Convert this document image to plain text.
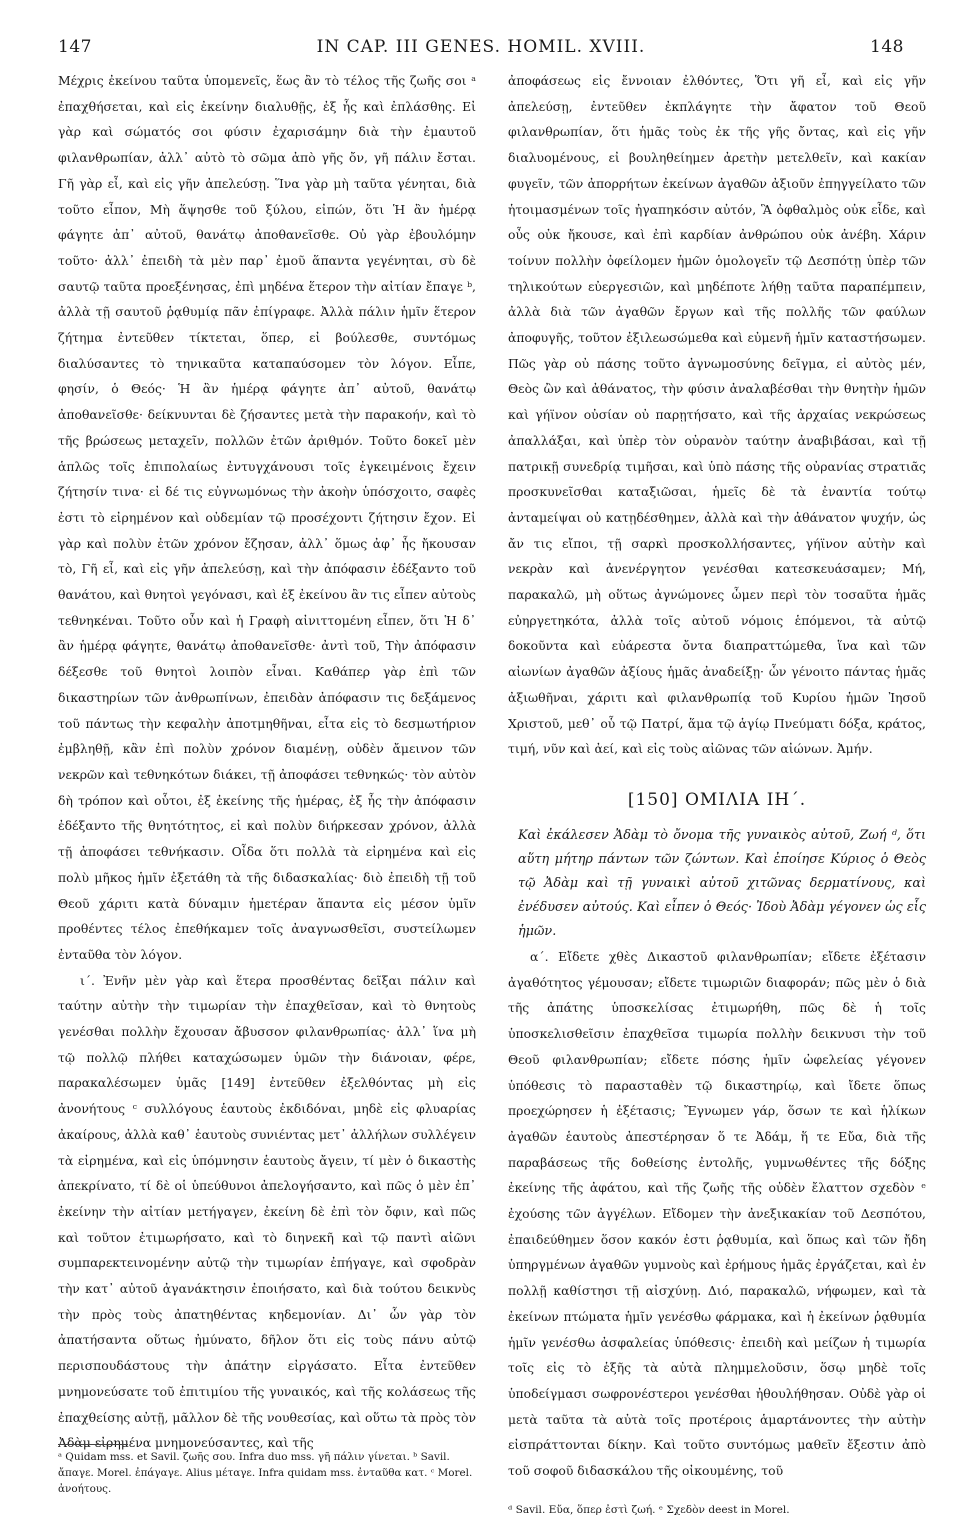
147	IN CAP. III GENES. HOMIL. XVIII.	148

Μέχρις ἐκείνου ταῦτα ὑπομενεῖς, ἕως ἂν τὸ τέλος τῆς ζωῆς σοι ᵃ ἐπαχθήσεται, καὶ εἰς ἐκείνην διαλυθῇς, ἐξ ἧς καὶ ἐπλάσθης. Εἰ γὰρ καὶ σώματός σοι φύσιν ἐχαρισάμην διὰ τὴν ἐμαυτοῦ φιλανθρωπίαν, ἀλλ᾽ αὐτὸ τὸ σῶμα ἀπὸ γῆς ὄν, γῆ πάλιν ἔσται. Γῆ γὰρ εἶ, καὶ εἰς γῆν ἀπελεύσῃ. Ἵνα γὰρ μὴ ταῦτα γένηται, διὰ τοῦτο εἶπον, Μὴ ἅψησθε τοῦ ξύλου, εἰπών, ὅτι Ἡ ἂν ἡμέρᾳ φάγητε ἀπ᾽ αὐτοῦ, θανάτῳ ἀποθανεῖσθε. Οὐ γὰρ ἐβουλόμην τοῦτο· ἀλλ᾽ ἐπειδὴ τὰ μὲν παρ᾽ ἐμοῦ ἅπαντα γεγένηται, σὺ δὲ σαυτῷ ταῦτα προεξένησας, ἐπὶ μηδένα ἕτερον τὴν αἰτίαν ἔπαγε ᵇ, ἀλλὰ τῇ σαυτοῦ ῥᾳθυμίᾳ πᾶν ἐπίγραφε. Ἀλλὰ πάλιν ἡμῖν ἕτερον ζήτημα ἐντεῦθεν τίκτεται, ὅπερ, εἰ βούλεσθε, συντόμως διαλύσαντες τὸ τηνικαῦτα καταπαύσομεν τὸν λόγον. Εἶπε, φησίν, ὁ Θεός· Ἡ ἂν ἡμέρᾳ φάγητε ἀπ᾽ αὐτοῦ, θανάτῳ ἀποθανεῖσθε· δείκνυνται δὲ ζήσαντες μετὰ τὴν παρακοήν, καὶ τὸ τῆς βρώσεως μεταχεῖν, πολλῶν ἐτῶν ἀριθμόν. Τοῦτο δοκεῖ μὲν ἁπλῶς τοῖς ἐπιπολαίως ἐντυγχάνουσι τοῖς ἐγκειμένοις ἔχειν ζήτησίν τινα· εἰ δέ τις εὐγνωμόνως τὴν ἀκοὴν ὑπόσχοιτο, σαφὲς ἐστι τὸ εἰρημένον καὶ οὐδεμίαν τῷ προσέχοντι ζήτησιν ἔχον. Εἰ γὰρ καὶ πολὺν ἐτῶν χρόνον ἔζησαν, ἀλλ᾽ ὅμως ἀφ᾽ ἧς ἤκουσαν τὸ, Γῆ εἶ, καὶ εἰς γῆν ἀπελεύσῃ, καὶ τὴν ἀπόφασιν ἐδέξαντο τοῦ θανάτου, καὶ θνητοὶ γεγόνασι, καὶ ἐξ ἐκείνου ἂν τις εἶπεν αὐτοὺς τεθνηκέναι. Τοῦτο οὖν καὶ ἡ Γραφὴ αἰνιττομένη εἶπεν, ὅτι Ἡ δ᾽ ἂν ἡμέρᾳ φάγητε, θανάτῳ ἀποθανεῖσθε· ἀντὶ τοῦ, Τὴν ἀπόφασιν δέξεσθε τοῦ θνητοὶ λοιπὸν εἶναι. Καθάπερ γὰρ ἐπὶ τῶν δικαστηρίων τῶν ἀνθρωπίνων, ἐπειδὰν ἀπόφασιν τις δεξάμενος τοῦ πάντως τὴν κεφαλὴν ἀποτμηθῆναι, εἶτα εἰς τὸ δεσμωτήριον ἐμβληθῇ, κἂν ἐπὶ πολὺν χρόνον διαμένῃ, οὐδὲν ἄμεινον τῶν νεκρῶν καὶ τεθνηκότων διάκει, τῇ ἀποφάσει τεθνηκώς· τὸν αὐτὸν δὴ τρόπον καὶ οὗτοι, ἐξ ἐκείνης τῆς ἡμέρας, ἐξ ἧς τὴν ἀπόφασιν ἐδέξαντο τῆς θνητότητος, εἰ καὶ πολὺν διήρκεσαν χρόνον, ἀλλὰ τῇ ἀποφάσει τεθνήκασιν. Οἶδα ὅτι πολλὰ τὰ εἰρημένα καὶ εἰς πολὺ μῆκος ἡμῖν ἐξετάθη τὰ τῆς διδασκαλίας· διὸ ἐπειδὴ τῇ τοῦ Θεοῦ χάριτι κατὰ δύναμιν ἡμετέραν ἅπαντα εἰς μέσον ὑμῖν προθέντες τέλος ἐπεθήκαμεν τοῖς ἀναγνωσθεῖσι, συστείλωμεν ἐνταῦθα τὸν λόγον.

ι΄. Ἐνῆν μὲν γὰρ καὶ ἕτερα προσθέντας δεῖξαι πάλιν καὶ ταύτην αὐτὴν τὴν τιμωρίαν τὴν ἐπαχθεῖσαν, καὶ τὸ θνητοὺς γενέσθαι πολλὴν ἔχουσαν ἄβυσσον φιλανθρωπίας· ἀλλ᾽ ἵνα μὴ τῷ πολλῷ πλήθει καταχώσωμεν ὑμῶν τὴν διάνοιαν, φέρε, παρακαλέσωμεν ὑμᾶς [149] ἐντεῦθεν ἐξελθόντας μὴ εἰς ἀνονήτους ᶜ συλλόγους ἑαυτοὺς ἐκδιδόναι, μηδὲ εἰς φλυαρίας ἀκαίρους, ἀλλὰ καθ᾽ ἑαυτοὺς συνιέντας μετ᾽ ἀλλήλων συλλέγειν τὰ εἰρημένα, καὶ εἰς ὑπόμνησιν ἑαυτοὺς ἄγειν, τί μὲν ὁ δικαστὴς ἀπεκρίνατο, τί δὲ οἱ ὑπεύθυνοι ἀπελογήσαντο, καὶ πῶς ὁ μὲν ἐπ᾽ ἐκείνην τὴν αἰτίαν μετήγαγεν, ἐκείνη δὲ ἐπὶ τὸν ὄφιν, καὶ πῶς καὶ τοῦτον ἐτιμωρήσατο, καὶ τὸ διηνεκῆ καὶ τῷ παντὶ αἰῶνι συμπαρεκτεινομένην αὐτῷ τὴν τιμωρίαν ἐπήγαγε, καὶ σφοδρὰν τὴν κατ᾽ αὐτοῦ ἀγανάκτησιν ἐποιήσατο, καὶ διὰ τούτου δεικνὺς τὴν πρὸς τοὺς ἀπατηθέντας κηδεμονίαν. Δι᾽ ὧν γὰρ τὸν ἀπατήσαντα οὕτως ἠμύνατο, δῆλον ὅτι εἰς τοὺς πάνυ αὐτῷ περισπουδάστους τὴν ἀπάτην εἰργάσατο. Εἶτα ἐντεῦθεν μνημονεύσατε τοῦ ἐπιτιμίου τῆς γυναικός, καὶ τῆς κολάσεως τῆς ἐπαχθείσης αὐτῇ, μᾶλλον δὲ τῆς νουθεσίας, καὶ οὕτω τὰ πρὸς τὸν Ἀδὰμ εἰρημένα μνημονεύσαντες, καὶ τῆς

ᵃ Quidam mss. et Savil. ζωῆς σου. Infra duo mss. γῆ πάλιν γίνεται. ᵇ Savil. ἄπαγε. Morel. ἐπάγαγε. Alius μέταγε. Infra quidam mss. ἐνταῦθα κατ. ᶜ Morel. ἀνοήτους.

ἀποφάσεως εἰς ἔννοιαν ἐλθόντες, Ὅτι γῆ εἶ, καὶ εἰς γῆν ἀπελεύσῃ, ἐντεῦθεν ἐκπλάγητε τὴν ἄφατον τοῦ Θεοῦ φιλανθρωπίαν, ὅτι ἡμᾶς τοὺς ἐκ τῆς γῆς ὄντας, καὶ εἰς γῆν διαλυομένους, εἰ βουληθείημεν ἀρετὴν μετελθεῖν, καὶ κακίαν φυγεῖν, τῶν ἀπορρήτων ἐκείνων ἀγαθῶν ἀξιοῦν ἐπηγγείλατο τῶν ἡτοιμασμένων τοῖς ἠγαπηκόσιν αὐτόν, Ἃ ὀφθαλμὸς οὐκ εἶδε, καὶ οὖς οὐκ ἤκουσε, καὶ ἐπὶ καρδίαν ἀνθρώπου οὐκ ἀνέβη. Χάριν τοίνυν πολλὴν ὀφείλομεν ἡμῶν ὁμολογεῖν τῷ Δεσπότῃ ὑπὲρ τῶν τηλικούτων εὐεργεσιῶν, καὶ μηδέποτε λήθῃ ταῦτα παραπέμπειν, ἀλλὰ διὰ τῶν ἀγαθῶν ἔργων καὶ τῆς πολλῆς τῶν φαύλων ἀποφυγῆς, τοῦτον ἐξιλεωσώμεθα καὶ εὐμενῆ ἡμῖν καταστήσωμεν. Πῶς γὰρ οὐ πάσης τοῦτο ἀγνωμοσύνης δεῖγμα, εἰ αὐτὸς μέν, Θεὸς ὢν καὶ ἀθάνατος, τὴν φύσιν ἀναλαβέσθαι τὴν θνητὴν ἡμῶν καὶ γήϊνον οὐσίαν οὐ παρῃτήσατο, καὶ τῆς ἀρχαίας νεκρώσεως ἀπαλλάξαι, καὶ ὑπὲρ τὸν οὐρανὸν ταύτην ἀναβιβάσαι, καὶ τῇ πατρικῇ συνεδρίᾳ τιμῆσαι, καὶ ὑπὸ πάσης τῆς οὐρανίας στρατιᾶς προσκυνεῖσθαι καταξιῶσαι, ἡμεῖς δὲ τὰ ἐναντία τούτῳ ἀνταμείψαι οὐ κατῃδέσθημεν, ἀλλὰ καὶ τὴν ἀθάνατον ψυχήν, ὡς ἄν τις εἴποι, τῇ σαρκὶ προσκολλήσαντες, γήϊνον αὐτὴν καὶ νεκρὰν καὶ ἀνενέργητον γενέσθαι κατεσκευάσαμεν; Μή, παρακαλῶ, μὴ οὕτως ἀγνώμονες ὦμεν περὶ τὸν τοσαῦτα ἡμᾶς εὐηργετηκότα, ἀλλὰ τοῖς αὐτοῦ νόμοις ἑπόμενοι, τὰ αὐτῷ δοκοῦντα καὶ εὐάρεστα ὄντα διαπραττώμεθα, ἵνα καὶ τῶν αἰωνίων ἀγαθῶν ἀξίους ἡμᾶς ἀναδείξῃ· ὧν γένοιτο πάντας ἡμᾶς ἀξιωθῆναι, χάριτι καὶ φιλανθρωπίᾳ τοῦ Κυρίου ἡμῶν Ἰησοῦ Χριστοῦ, μεθ᾽ οὗ τῷ Πατρί, ἅμα τῷ ἁγίῳ Πνεύματι δόξα, κράτος, τιμή, νῦν καὶ ἀεί, καὶ εἰς τοὺς αἰῶνας τῶν αἰώνων. Ἀμήν.

[150] ΟΜΙΛΙΑ ΙΗ΄.

Καὶ ἐκάλεσεν Ἀδὰμ τὸ ὄνομα τῆς γυναικὸς αὐτοῦ, Ζωή ᵈ, ὅτι αὕτη μήτηρ πάντων τῶν ζώντων. Καὶ ἐποίησε Κύριος ὁ Θεὸς τῷ Ἀδὰμ καὶ τῇ γυναικὶ αὐτοῦ χιτῶνας δερματίνους, καὶ ἐνέδυσεν αὐτούς. Καὶ εἶπεν ὁ Θεός· Ἰδοὺ Ἀδὰμ γέγονεν ὡς εἷς ἡμῶν.

α΄. Εἴδετε χθὲς Δικαστοῦ φιλανθρωπίαν; εἴδετε ἐξέτασιν ἀγαθότητος γέμουσαν; εἴδετε τιμωριῶν διαφοράν; πῶς μὲν ὁ διὰ τῆς ἀπάτης ὑποσκελίσας ἐτιμωρήθη, πῶς δὲ ἡ τοῖς ὑποσκελισθεῖσιν ἐπαχθεῖσα τιμωρία πολλὴν δεικνυσι τὴν τοῦ Θεοῦ φιλανθρωπίαν; εἴδετε πόσης ἡμῖν ὠφελείας γέγονεν ὑπόθεσις τὸ παρασταθὲν τῷ δικαστηρίῳ, καὶ ἴδετε ὅπως προεχώρησεν ἡ ἐξέτασις; Ἔγνωμεν γάρ, ὅσων τε καὶ ἡλίκων ἀγαθῶν ἑαυτοὺς ἀπεστέρησαν ὅ τε Ἀδάμ, ἥ τε Εὔα, διὰ τῆς παραβάσεως τῆς δοθείσης ἐντολῆς, γυμνωθέντες τῆς δόξης ἐκείνης τῆς ἀφάτου, καὶ τῆς ζωῆς τῆς οὐδὲν ἔλαττον σχεδὸν ᵉ ἐχούσης τῶν ἀγγέλων. Εἴδομεν τὴν ἀνεξικακίαν τοῦ Δεσπότου, ἐπαιδεύθημεν ὅσον κακόν ἐστι ῥᾳθυμία, καὶ ὅπως καὶ τῶν ἤδη ὑπηργμένων ἀγαθῶν γυμνοὺς καὶ ἐρήμους ἡμᾶς ἐργάζεται, καὶ ἐν πολλῇ καθίστησι τῇ αἰσχύνῃ. Διό, παρακαλῶ, νήφωμεν, καὶ τὰ ἐκείνων πτώματα ἡμῖν γενέσθω φάρμακα, καὶ ἡ ἐκείνων ῥᾳθυμία ἡμῖν γενέσθω ἀσφαλείας ὑπόθεσις· ἐπειδὴ καὶ μείζων ἡ τιμωρία τοῖς εἰς τὸ ἑξῆς τὰ αὐτὰ πλημμελοῦσιν, ὅσῳ μηδὲ τοῖς ὑποδείγμασι σωφρονέστεροι γενέσθαι ἠθουλήθησαν. Οὐδὲ γὰρ οἱ μετὰ ταῦτα τὰ αὐτὰ τοῖς προτέροις ἁμαρτάνοντες τὴν αὐτὴν εἰσπράττονται δίκην. Καὶ τοῦτο συντόμως μαθεῖν ἔξεστιν ἀπὸ τοῦ σοφοῦ διδασκάλου τῆς οἰκουμένης, τοῦ

ᵈ Savil. Εὔα, ὅπερ ἐστὶ ζωή. ᵉ Σχεδὸν deest in Morel.
